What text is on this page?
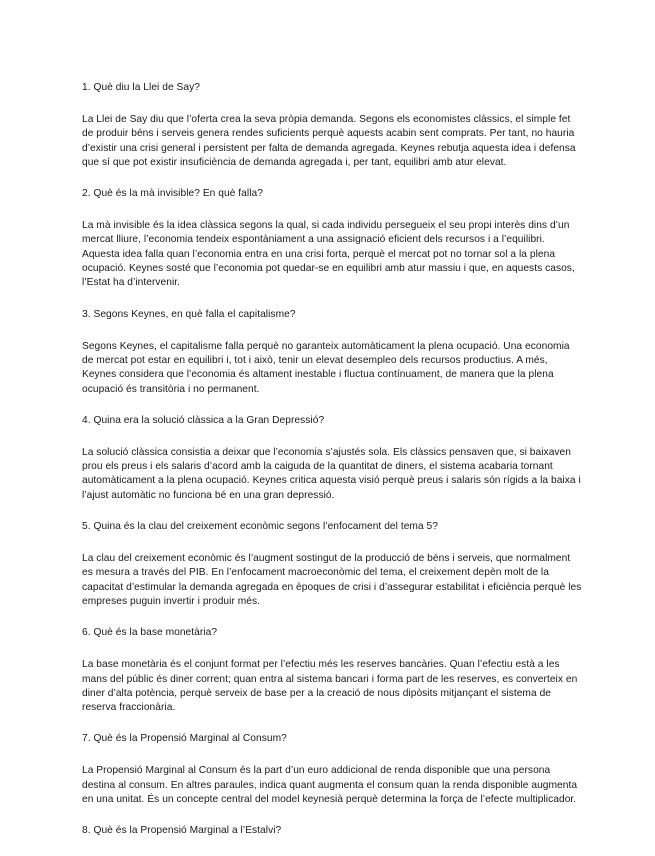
1. Què diu la Llei de Say?

La Llei de Say diu que l’oferta crea la seva pròpia demanda. Segons els economistes clàssics, el simple fet de produir béns i serveis genera rendes suficients perquè aquests acabin sent comprats. Per tant, no hauria d’existir una crisi general i persistent per falta de demanda agregada. Keynes rebutja aquesta idea i defensa que sí que pot existir insuficiència de demanda agregada i, per tant, equilibri amb atur elevat.

2. Què és la mà invisible? En què falla?

La mà invisible és la idea clàssica segons la qual, si cada individu persegueix el seu propi interès dins d’un mercat lliure, l’economia tendeix espontàniament a una assignació eficient dels recursos i a l’equilibri. Aquesta idea falla quan l’economia entra en una crisi forta, perquè el mercat pot no tornar sol a la plena ocupació. Keynes sosté que l’economia pot quedar-se en equilibri amb atur massiu i que, en aquests casos, l’Estat ha d’intervenir.

3. Segons Keynes, en què falla el capitalisme?

Segons Keynes, el capitalisme falla perquè no garanteix automàticament la plena ocupació. Una economia de mercat pot estar en equilibri i, tot i això, tenir un elevat desempleo dels recursos productius. A més, Keynes considera que l’economia és altament inestable i fluctua contínuament, de manera que la plena ocupació és transitòria i no permanent.

4. Quina era la solució clàssica a la Gran Depressió?

La solució clàssica consistia a deixar que l’economia s’ajustés sola. Els clàssics pensaven que, si baixaven prou els preus i els salaris d’acord amb la caiguda de la quantitat de diners, el sistema acabaria tornant automàticament a la plena ocupació. Keynes critica aquesta visió perquè preus i salaris són rígids a la baixa i l’ajust automàtic no funciona bé en una gran depressió.

5. Quina és la clau del creixement econòmic segons l’enfocament del tema 5?

La clau del creixement econòmic és l’augment sostingut de la producció de béns i serveis, que normalment es mesura a través del PIB. En l’enfocament macroeconòmic del tema, el creixement depèn molt de la capacitat d’estimular la demanda agregada en èpoques de crisi i d’assegurar estabilitat i eficiència perquè les empreses puguin invertir i produir més.

6. Què és la base monetària?

La base monetària és el conjunt format per l’efectiu més les reserves bancàries. Quan l’efectiu està a les mans del públic és diner corrent; quan entra al sistema bancari i forma part de les reserves, es converteix en diner d’alta potència, perquè serveix de base per a la creació de nous dipòsits mitjançant el sistema de reserva fraccionària.

7. Què és la Propensió Marginal al Consum?

La Propensió Marginal al Consum és la part d’un euro addicional de renda disponible que una persona destina al consum. En altres paraules, indica quant augmenta el consum quan la renda disponible augmenta en una unitat. És un concepte central del model keynesià perquè determina la força de l’efecte multiplicador.

8. Què és la Propensió Marginal a l’Estalvi?
